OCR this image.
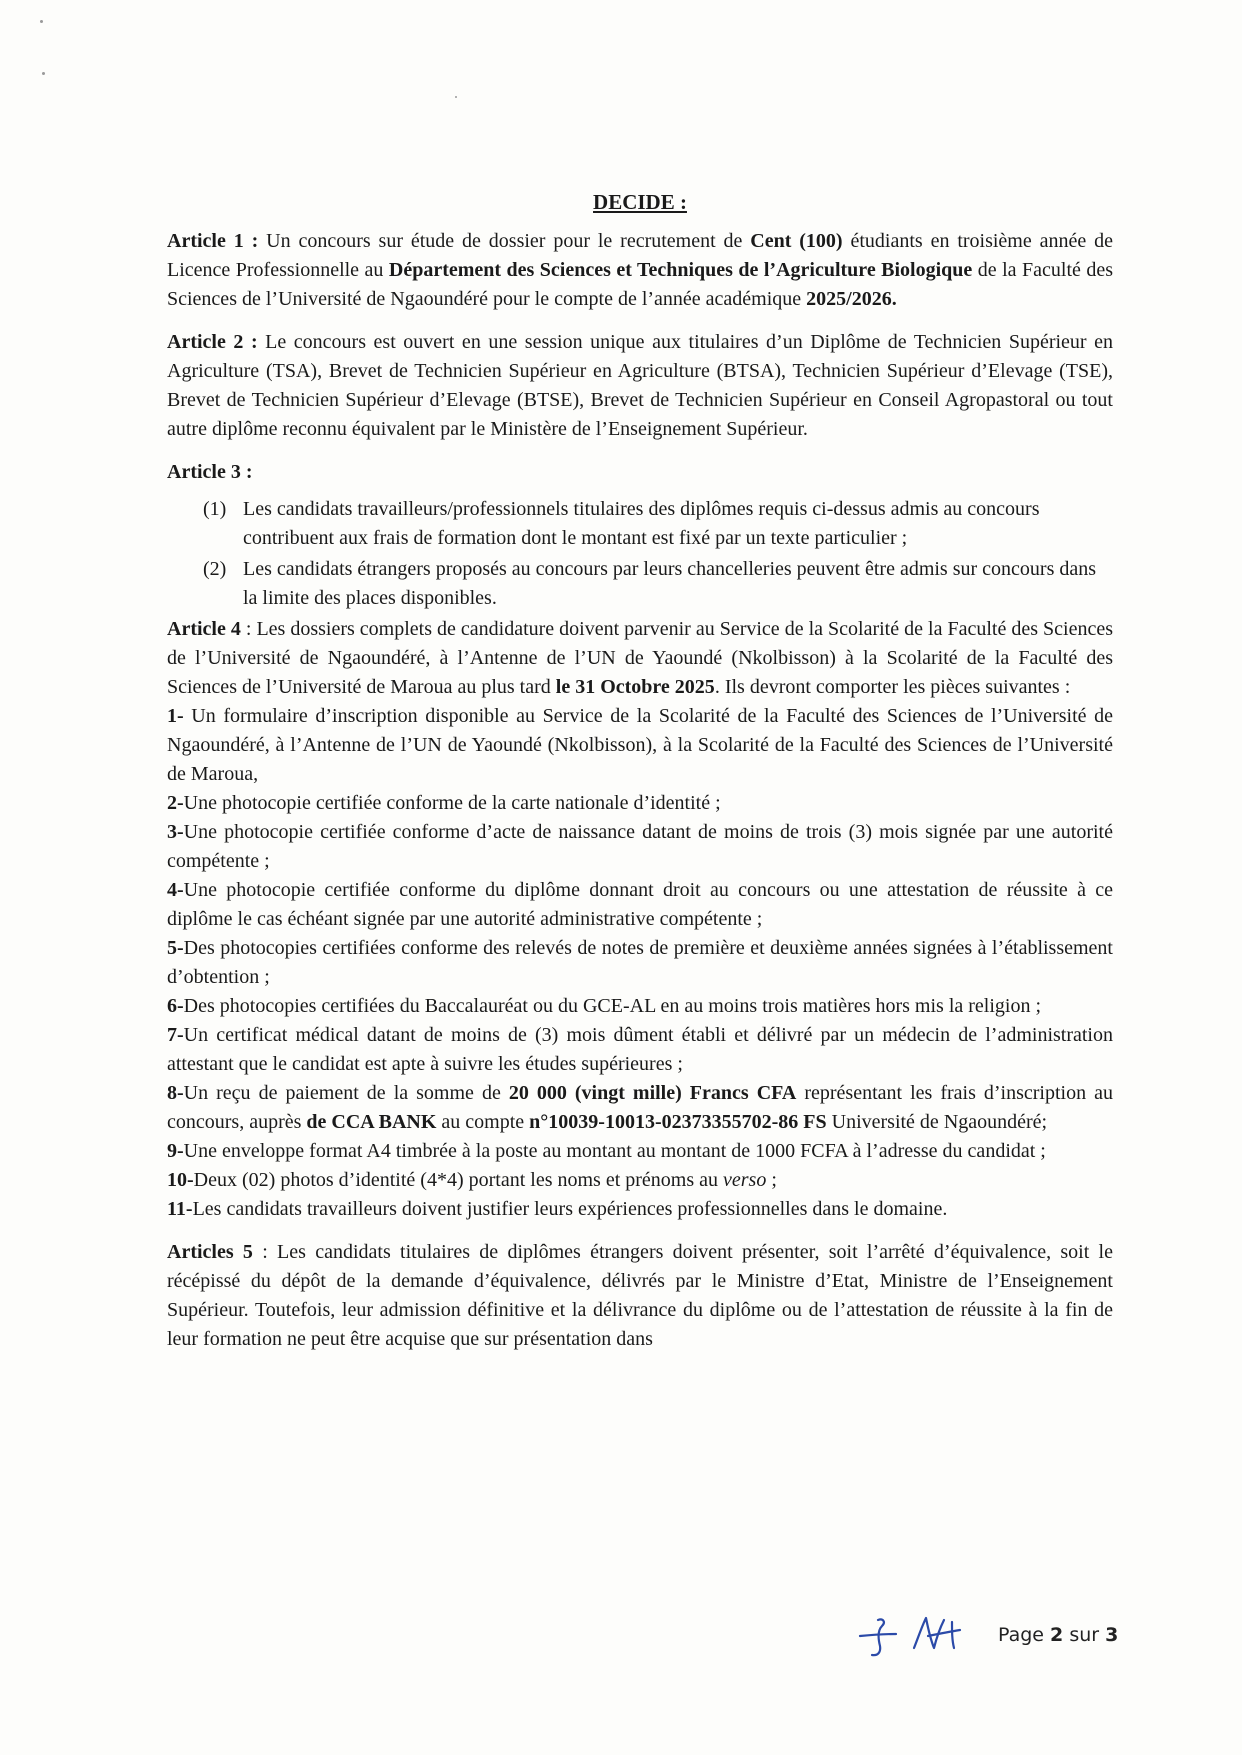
DECIDE :

Article 1 : Un concours sur étude de dossier pour le recrutement de Cent (100) étudiants en troisième année de Licence Professionnelle au Département des Sciences et Techniques de l’Agriculture Biologique de la Faculté des Sciences de l’Université de Ngaoundéré pour le compte de l’année académique 2025/2026.

Article 2 : Le concours est ouvert en une session unique aux titulaires d’un Diplôme de Technicien Supérieur en Agriculture (TSA), Brevet de Technicien Supérieur en Agriculture (BTSA), Technicien Supérieur d’Elevage (TSE), Brevet de Technicien Supérieur d’Elevage (BTSE), Brevet de Technicien Supérieur en Conseil Agropastoral ou tout autre diplôme reconnu équivalent par le Ministère de l’Enseignement Supérieur.

Article 3 :

(1) Les candidats travailleurs/professionnels titulaires des diplômes requis ci-dessus admis au concours contribuent aux frais de formation dont le montant est fixé par un texte particulier ;
(2) Les candidats étrangers proposés au concours par leurs chancelleries peuvent être admis sur concours dans la limite des places disponibles.

Article 4 : Les dossiers complets de candidature doivent parvenir au Service de la Scolarité de la Faculté des Sciences de l’Université de Ngaoundéré, à l’Antenne de l’UN de Yaoundé (Nkolbisson) à la Scolarité de la Faculté des Sciences de l’Université de Maroua au plus tard le 31 Octobre 2025. Ils devront comporter les pièces suivantes :

1- Un formulaire d’inscription disponible au Service de la Scolarité de la Faculté des Sciences de l’Université de Ngaoundéré, à l’Antenne de l’UN de Yaoundé (Nkolbisson), à la Scolarité de la Faculté des Sciences de l’Université de Maroua,

2-Une photocopie certifiée conforme de la carte nationale d’identité ;

3-Une photocopie certifiée conforme d’acte de naissance datant de moins de trois (3) mois signée par une autorité compétente ;

4-Une photocopie certifiée conforme du diplôme donnant droit au concours ou une attestation de réussite à ce diplôme le cas échéant signée par une autorité administrative compétente ;

5-Des photocopies certifiées conforme des relevés de notes de première et deuxième années signées à l’établissement d’obtention ;

6-Des photocopies certifiées du Baccalauréat ou du GCE-AL en au moins trois matières hors mis la religion ;

7-Un certificat médical datant de moins de (3) mois dûment établi et délivré par un médecin de l’administration attestant que le candidat est apte à suivre les études supérieures ;

8-Un reçu de paiement de la somme de 20 000 (vingt mille) Francs CFA représentant les frais d’inscription au concours, auprès de CCA BANK au compte n°10039-10013-02373355702-86 FS Université de Ngaoundéré;

9-Une enveloppe format A4 timbrée à la poste au montant au montant de 1000 FCFA à l’adresse du candidat ;

10-Deux (02) photos d’identité (4*4) portant les noms et prénoms au verso ;

11-Les candidats travailleurs doivent justifier leurs expériences professionnelles dans le domaine.

Articles 5 : Les candidats titulaires de diplômes étrangers doivent présenter, soit l’arrêté d’équivalence, soit le récépissé du dépôt de la demande d’équivalence, délivrés par le Ministre d’Etat, Ministre de l’Enseignement Supérieur. Toutefois, leur admission définitive et la délivrance du diplôme ou de l’attestation de réussite à la fin de leur formation ne peut être acquise que sur présentation dans

Page 2 sur 3
